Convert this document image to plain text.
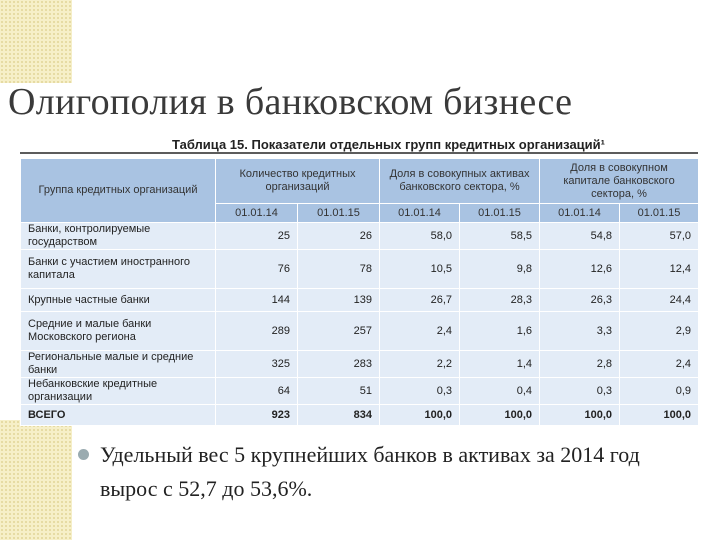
Олигополия в банковском бизнесе
Таблица 15. Показатели отдельных групп кредитных организаций¹
Группа кредитных организаций	Количество кредитных организаций		Доля в совокупных активах банковского сектора, %		Доля в совокупном капитале банковского сектора, %	
	01.01.14	01.01.15	01.01.14	01.01.15	01.01.14	01.01.15
Банки, контролируемые государством	25	26	58,0	58,5	54,8	57,0
Банки с участием иностранного капитала	76	78	10,5	9,8	12,6	12,4
Крупные частные банки	144	139	26,7	28,3	26,3	24,4
Средние и малые банки Московского региона	289	257	2,4	1,6	3,3	2,9
Региональные малые и средние банки	325	283	2,2	1,4	2,8	2,4
Небанковские кредитные организации	64	51	0,3	0,4	0,3	0,9
ВСЕГО	923	834	100,0	100,0	100,0	100,0
Удельный вес 5 крупнейших банков в активах за 2014 год вырос с 52,7 до 53,6%.
